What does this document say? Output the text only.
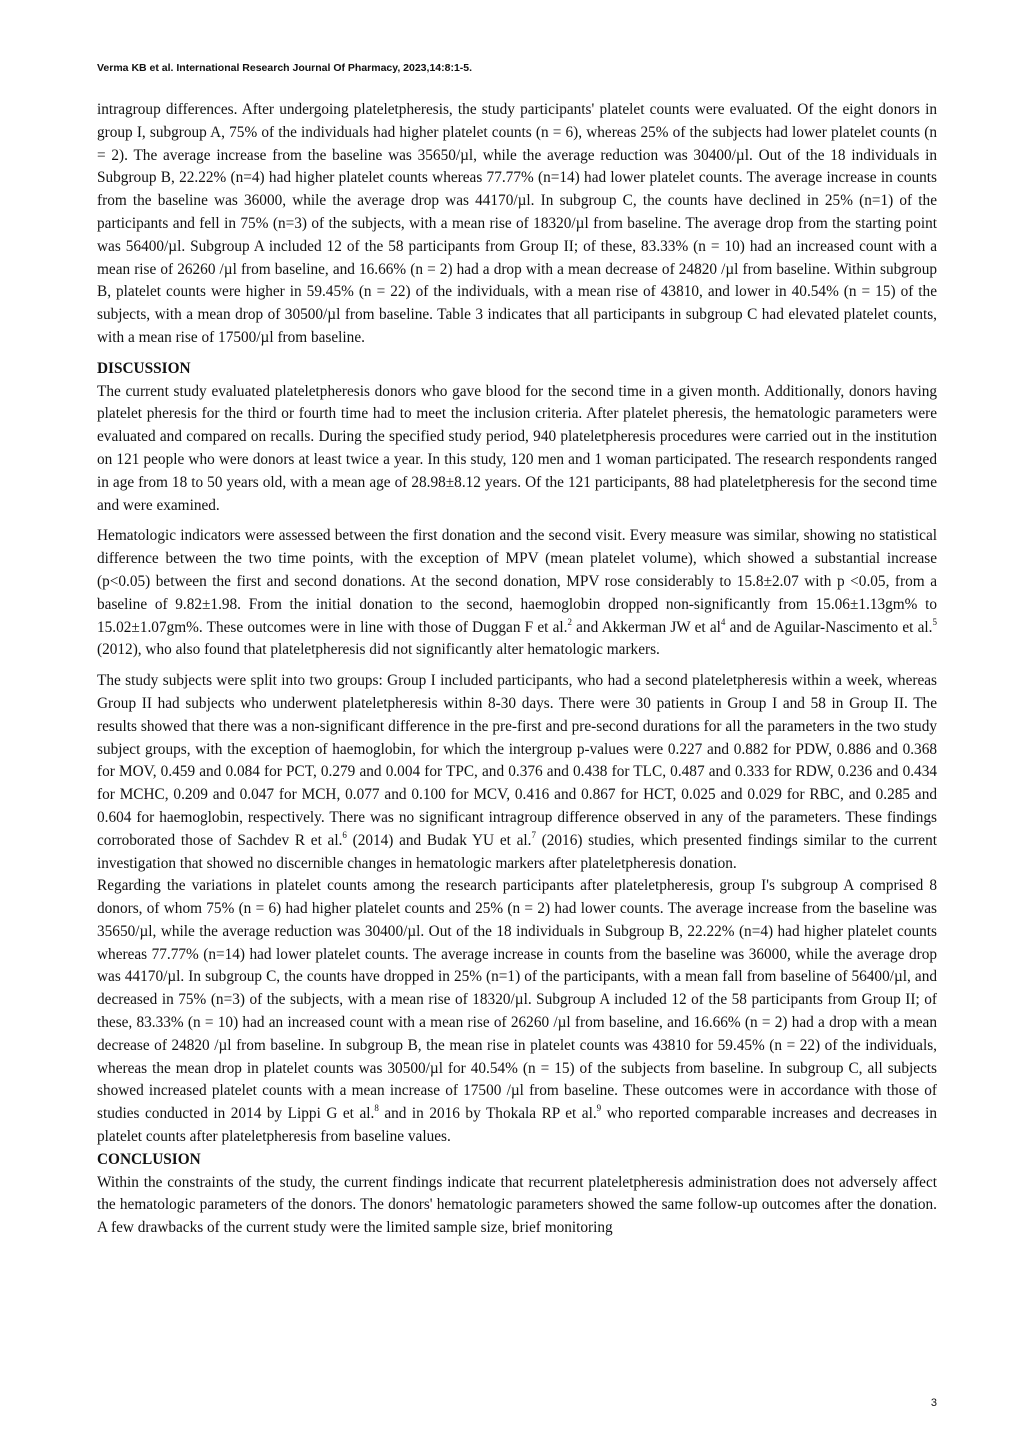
Verma KB et al. International Research Journal Of Pharmacy, 2023,14:8:1-5.

intragroup differences. After undergoing plateletpheresis, the study participants' platelet counts were evaluated. Of the eight donors in group I, subgroup A, 75% of the individuals had higher platelet counts (n = 6), whereas 25% of the subjects had lower platelet counts (n = 2). The average increase from the baseline was 35650/µl, while the average reduction was 30400/µl. Out of the 18 individuals in Subgroup B, 22.22% (n=4) had higher platelet counts whereas 77.77% (n=14) had lower platelet counts. The average increase in counts from the baseline was 36000, while the average drop was 44170/µl. In subgroup C, the counts have declined in 25% (n=1) of the participants and fell in 75% (n=3) of the subjects, with a mean rise of 18320/µl from baseline. The average drop from the starting point was 56400/µl. Subgroup A included 12 of the 58 participants from Group II; of these, 83.33% (n = 10) had an increased count with a mean rise of 26260 /µl from baseline, and 16.66% (n = 2) had a drop with a mean decrease of 24820 /µl from baseline. Within subgroup B, platelet counts were higher in 59.45% (n = 22) of the individuals, with a mean rise of 43810, and lower in 40.54% (n = 15) of the subjects, with a mean drop of 30500/µl from baseline. Table 3 indicates that all participants in subgroup C had elevated platelet counts, with a mean rise of 17500/µl from baseline.

DISCUSSION

The current study evaluated plateletpheresis donors who gave blood for the second time in a given month. Additionally, donors having platelet pheresis for the third or fourth time had to meet the inclusion criteria. After platelet pheresis, the hematologic parameters were evaluated and compared on recalls. During the specified study period, 940 plateletpheresis procedures were carried out in the institution on 121 people who were donors at least twice a year. In this study, 120 men and 1 woman participated. The research respondents ranged in age from 18 to 50 years old, with a mean age of 28.98±8.12 years. Of the 121 participants, 88 had plateletpheresis for the second time and were examined.

Hematologic indicators were assessed between the first donation and the second visit. Every measure was similar, showing no statistical difference between the two time points, with the exception of MPV (mean platelet volume), which showed a substantial increase (p<0.05) between the first and second donations. At the second donation, MPV rose considerably to 15.8±2.07 with p <0.05, from a baseline of 9.82±1.98. From the initial donation to the second, haemoglobin dropped non-significantly from 15.06±1.13gm% to 15.02±1.07gm%. These outcomes were in line with those of Duggan F et al.$^2$ and Akkerman JW et $al^4$ and de Aguilar-Nascimento et al.$^5$ (2012), who also found that plateletpheresis did not significantly alter hematologic markers.

The study subjects were split into two groups: Group I included participants, who had a second plateletpheresis within a week, whereas Group II had subjects who underwent plateletpheresis within 8-30 days. There were 30 patients in Group I and 58 in Group II. The results showed that there was a non-significant difference in the pre-first and pre-second durations for all the parameters in the two study subject groups, with the exception of haemoglobin, for which the intergroup p-values were 0.227 and 0.882 for PDW, 0.886 and 0.368 for MOV, 0.459 and 0.084 for PCT, 0.279 and 0.004 for TPC, and 0.376 and 0.438 for TLC, 0.487 and 0.333 for RDW, 0.236 and 0.434 for MCHC, 0.209 and 0.047 for MCH, 0.077 and 0.100 for MCV, 0.416 and 0.867 for HCT, 0.025 and 0.029 for RBC, and 0.285 and 0.604 for haemoglobin, respectively. There was no significant intragroup difference observed in any of the parameters. These findings corroborated those of Sachdev R et al.$^6$ (2014) and Budak YU et al.$^7$ (2016) studies, which presented findings similar to the current investigation that showed no discernible changes in hematologic markers after plateletpheresis donation.

Regarding the variations in platelet counts among the research participants after plateletpheresis, group I's subgroup A comprised 8 donors, of whom 75% (n = 6) had higher platelet counts and 25% (n = 2) had lower counts. The average increase from the baseline was 35650/µl, while the average reduction was 30400/µl. Out of the 18 individuals in Subgroup B, 22.22% (n=4) had higher platelet counts whereas 77.77% (n=14) had lower platelet counts. The average increase in counts from the baseline was 36000, while the average drop was 44170/µl. In subgroup C, the counts have dropped in 25% (n=1) of the participants, with a mean fall from baseline of 56400/µl, and decreased in 75% (n=3) of the subjects, with a mean rise of 18320/µl. Subgroup A included 12 of the 58 participants from Group II; of these, 83.33% (n = 10) had an increased count with a mean rise of 26260 /µl from baseline, and 16.66% (n = 2) had a drop with a mean decrease of 24820 /µl from baseline. In subgroup B, the mean rise in platelet counts was 43810 for 59.45% (n = 22) of the individuals, whereas the mean drop in platelet counts was 30500/µl for 40.54% (n = 15) of the subjects from baseline. In subgroup C, all subjects showed increased platelet counts with a mean increase of 17500 /µl from baseline. These outcomes were in accordance with those of studies conducted in 2014 by Lippi G et al.$^8$ and in 2016 by Thokala RP et al.$^9$ who reported comparable increases and decreases in platelet counts after plateletpheresis from baseline values.

CONCLUSION

Within the constraints of the study, the current findings indicate that recurrent plateletpheresis administration does not adversely affect the hematologic parameters of the donors. The donors' hematologic parameters showed the same follow-up outcomes after the donation. A few drawbacks of the current study were the limited sample size, brief monitoring

3
